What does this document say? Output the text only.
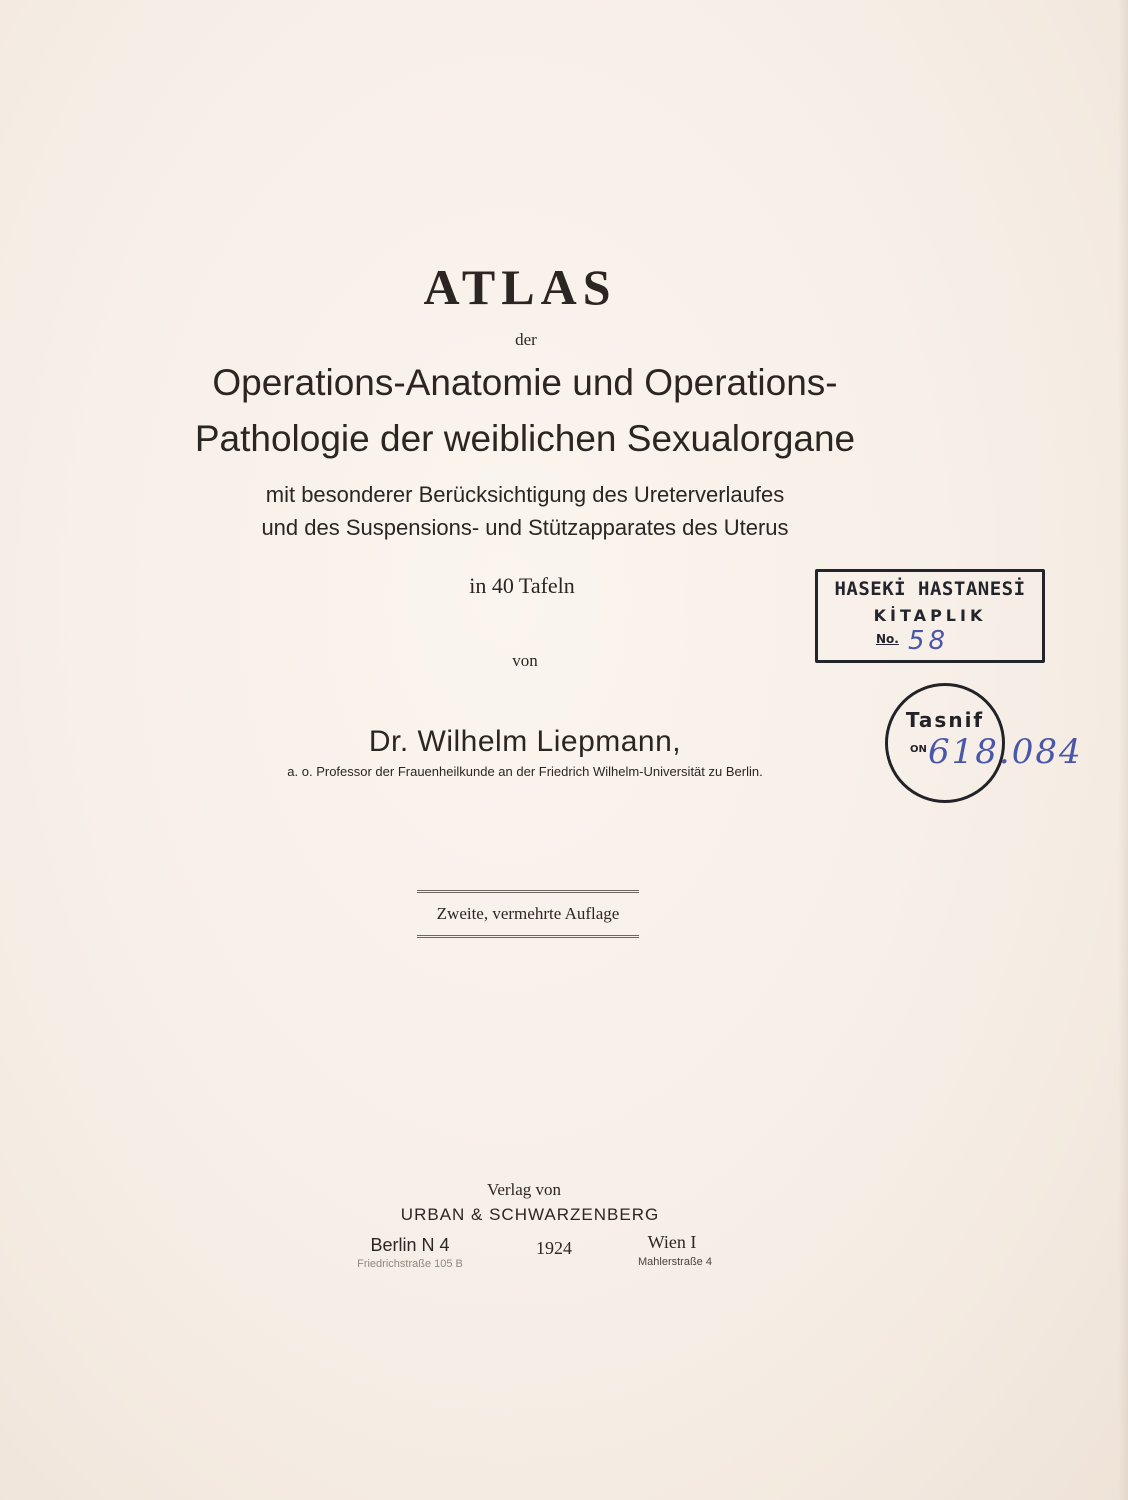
ATLAS
der
Operations-Anatomie und Operations-
Pathologie der weiblichen Sexualorgane
mit besonderer Berücksichtigung des Ureterverlaufes
und des Suspensions- und Stützapparates des Uterus
in 40 Tafeln
von
Dr. Wilhelm Liepmann,
a. o. Professor der Frauenheilkunde an der Friedrich Wilhelm-Universität zu Berlin.
Zweite, vermehrte Auflage
Verlag von
URBAN & SCHWARZENBERG
Berlin N 4	1924	Wien I
Friedrichstraße 105 B	Mahlerstraße 4
HASEKİ HASTANESİ
KİTAPLIK
No. 58
Tasnif
ON 618.084
